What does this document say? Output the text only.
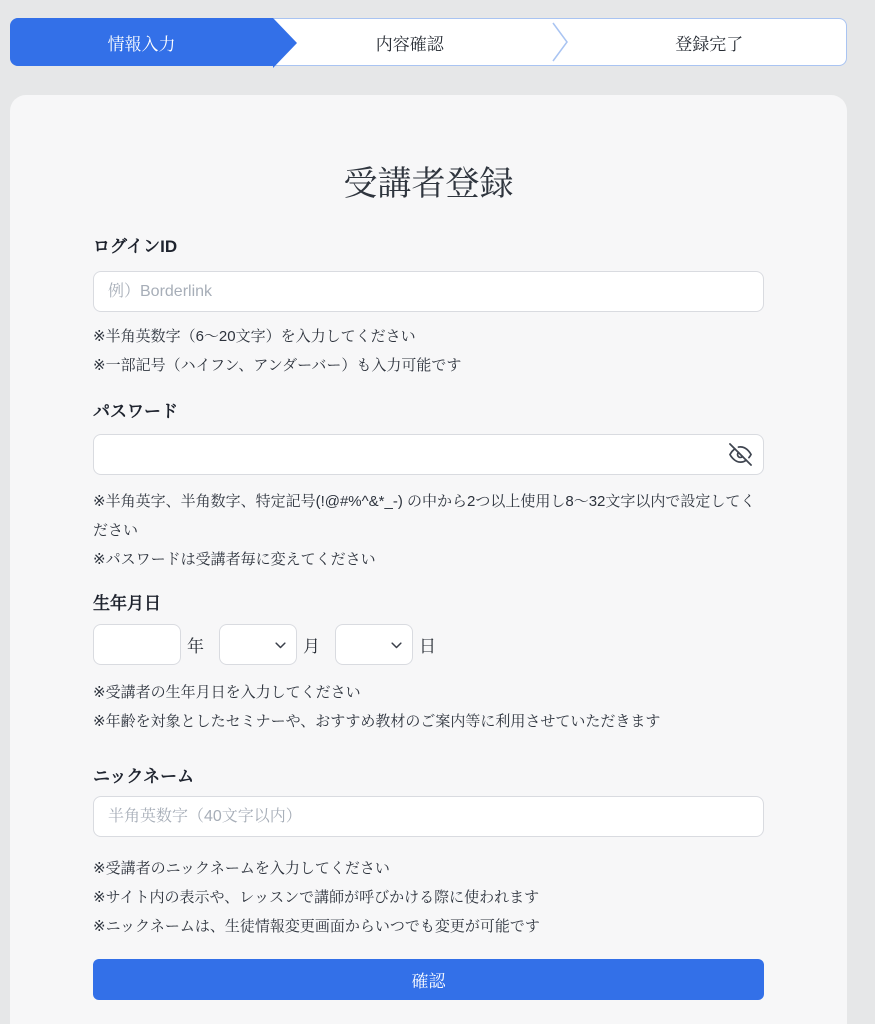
情報入力	内容確認	登録完了
受講者登録
ログインID
例）Borderlink
※半角英数字（6〜20文字）を入力してください
※一部記号（ハイフン、アンダーバー）も入力可能です
パスワード
※半角英字、半角数字、特定記号(!@#%^&*_-) の中から2つ以上使用し8〜32文字以内で設定してください
※パスワードは受講者毎に変えてください
生年月日
年	月	日
※受講者の生年月日を入力してください
※年齢を対象としたセミナーや、おすすめ教材のご案内等に利用させていただきます
ニックネーム
半角英数字（40文字以内）
※受講者のニックネームを入力してください
※サイト内の表示や、レッスンで講師が呼びかける際に使われます
※ニックネームは、生徒情報変更画面からいつでも変更が可能です
確認
